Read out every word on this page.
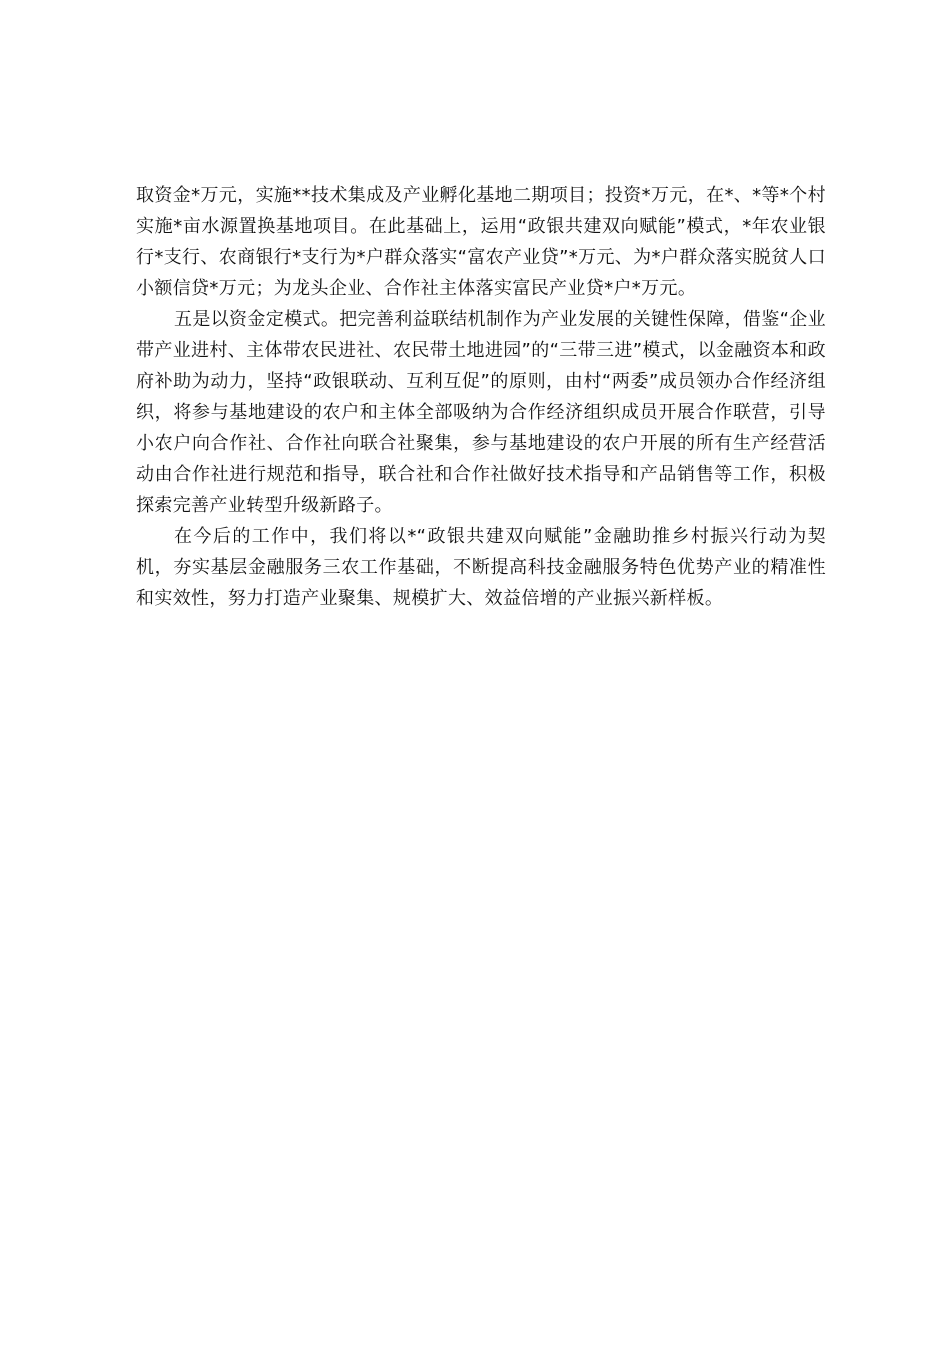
取资金*万元，实施**技术集成及产业孵化基地二期项目；投资*万元，在*、*等*个村实施*亩水源置换基地项目。在此基础上，运用“政银共建双向赋能”模式，*年农业银行*支行、农商银行*支行为*户群众落实“富农产业贷”*万元、为*户群众落实脱贫人口小额信贷*万元；为龙头企业、合作社主体落实富民产业贷*户*万元。

五是以资金定模式。把完善利益联结机制作为产业发展的关键性保障，借鉴“企业带产业进村、主体带农民进社、农民带土地进园”的“三带三进”模式，以金融资本和政府补助为动力，坚持“政银联动、互利互促”的原则，由村“两委”成员领办合作经济组织，将参与基地建设的农户和主体全部吸纳为合作经济组织成员开展合作联营，引导小农户向合作社、合作社向联合社聚集，参与基地建设的农户开展的所有生产经营活动由合作社进行规范和指导，联合社和合作社做好技术指导和产品销售等工作，积极探索完善产业转型升级新路子。

在今后的工作中，我们将以*“政银共建双向赋能”金融助推乡村振兴行动为契机，夯实基层金融服务三农工作基础，不断提高科技金融服务特色优势产业的精准性和实效性，努力打造产业聚集、规模扩大、效益倍增的产业振兴新样板。
